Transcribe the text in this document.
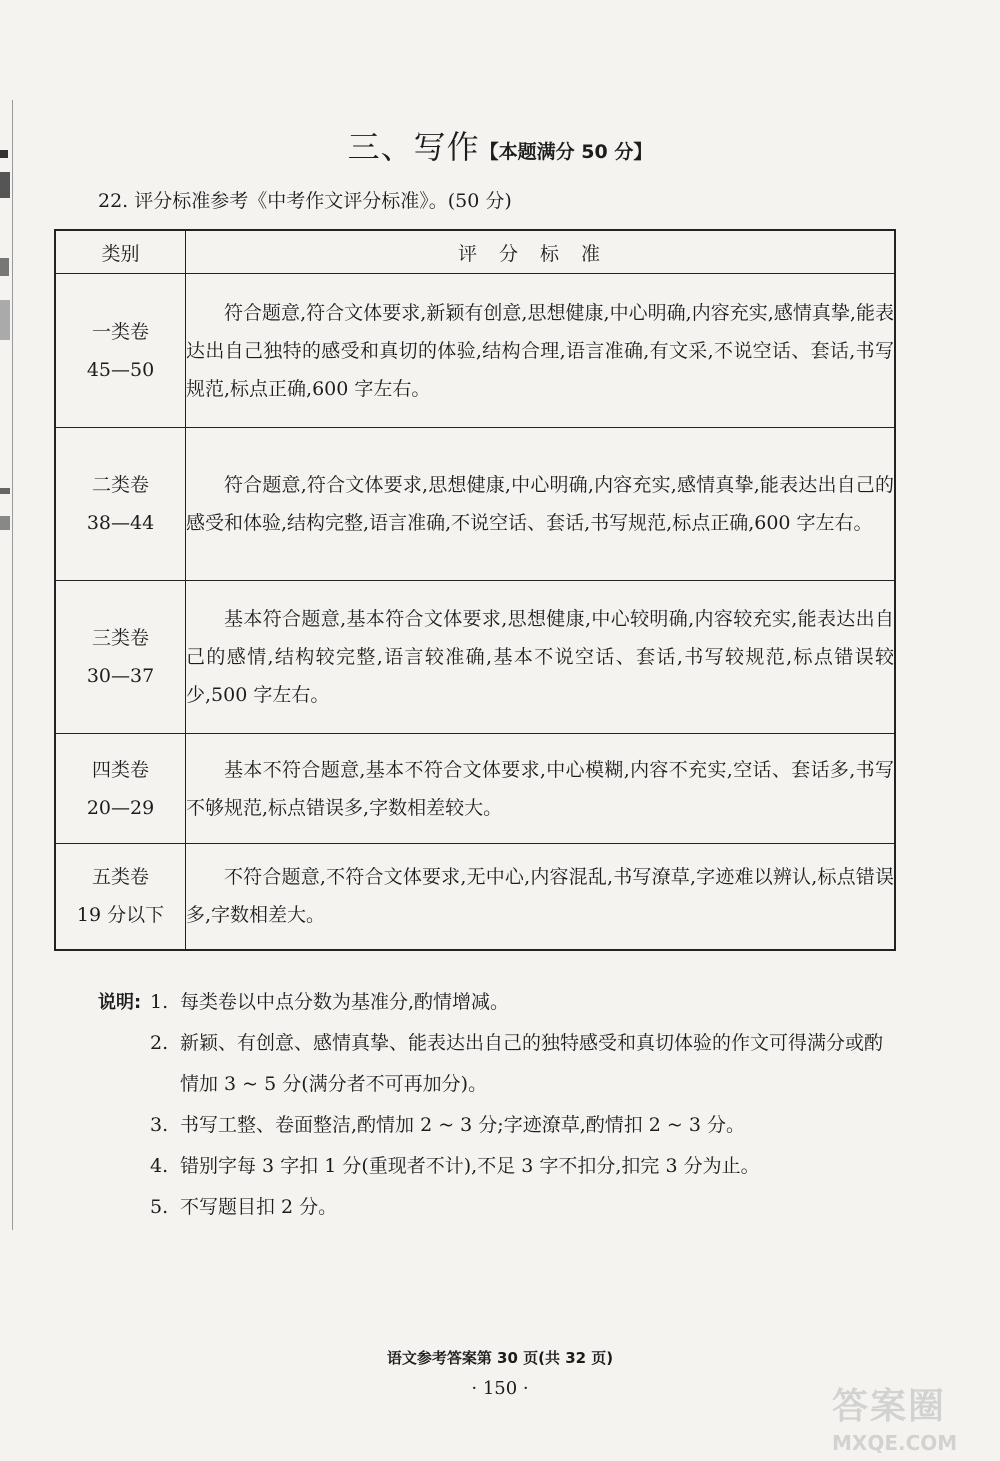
三、写作【本题满分 50 分】
22. 评分标准参考《中考作文评分标准》。(50 分)
类别	评分标准

一类卷
45—50	符合题意,符合文体要求,新颖有创意,思想健康,中心明确,内容充实,感情真挚,能表达出自己独特的感受和真切的体验,结构合理,语言准确,有文采,不说空话、套话,书写规范,标点正确,600 字左右。

二类卷
38—44	符合题意,符合文体要求,思想健康,中心明确,内容充实,感情真挚,能表达出自己的感受和体验,结构完整,语言准确,不说空话、套话,书写规范,标点正确,600 字左右。

三类卷
30—37	基本符合题意,基本符合文体要求,思想健康,中心较明确,内容较充实,能表达出自己的感情,结构较完整,语言较准确,基本不说空话、套话,书写较规范,标点错误较少,500 字左右。

四类卷
20—29	基本不符合题意,基本不符合文体要求,中心模糊,内容不充实,空话、套话多,书写不够规范,标点错误多,字数相差较大。

五类卷
19 分以下	不符合题意,不符合文体要求,无中心,内容混乱,书写潦草,字迹难以辨认,标点错误多,字数相差大。
说明: 1. 每类卷以中点分数为基准分,酌情增减。
2. 新颖、有创意、感情真挚、能表达出自己的独特感受和真切体验的作文可得满分或酌情加 3 ~ 5 分(满分者不可再加分)。
3. 书写工整、卷面整洁,酌情加 2 ~ 3 分;字迹潦草,酌情扣 2 ~ 3 分。
4. 错别字每 3 字扣 1 分(重现者不计),不足 3 字不扣分,扣完 3 分为止。
5. 不写题目扣 2 分。
语文参考答案第 30 页(共 32 页)
· 150 ·	答案圈
MXQE.COM
